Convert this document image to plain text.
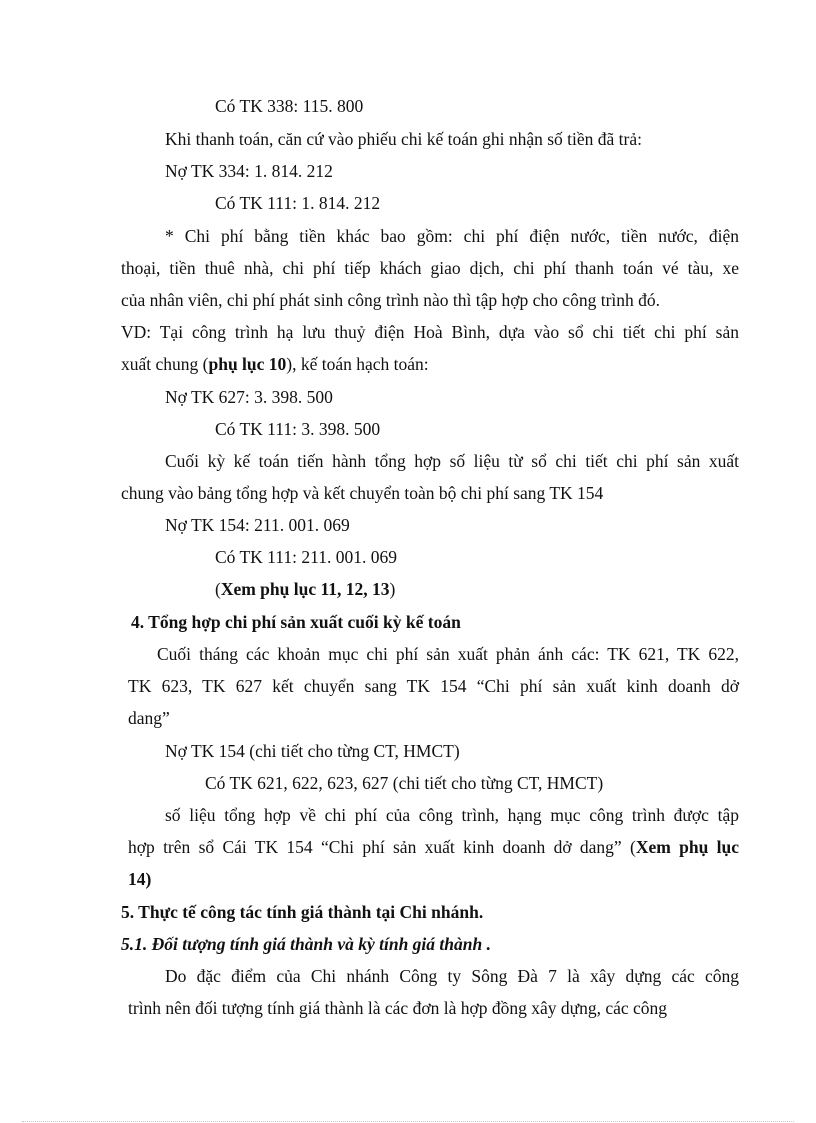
Có TK 338: 115. 800
Khi thanh toán, căn cứ vào phiếu chi kế toán ghi nhận số tiền đã trả:
Nợ TK 334: 1. 814. 212
Có TK 111: 1. 814. 212
* Chi phí bằng tiền khác bao gồm: chi phí điện nước, tiền nước, điện
thoại, tiền thuê nhà, chi phí tiếp khách giao dịch, chi phí thanh toán vé tàu, xe
của nhân viên, chi phí phát sinh công trình nào thì tập hợp cho công trình đó.
VD: Tại công trình hạ lưu thuỷ điện Hoà Bình, dựa vào sổ chi tiết chi phí sản
xuất chung (phụ lục 10), kế toán hạch toán:
Nợ TK 627: 3. 398. 500
Có TK 111: 3. 398. 500
Cuối kỳ kế toán tiến hành tổng hợp số liệu từ sổ chi tiết chi phí sản xuất
chung vào bảng tổng hợp và kết chuyển toàn bộ chi phí sang TK 154
Nợ TK 154: 211. 001. 069
Có TK 111: 211. 001. 069
(Xem phụ lục 11, 12, 13)
4. Tổng hợp chi phí sản xuất cuối kỳ kế toán
Cuối tháng các khoản mục chi phí sản xuất phản ánh các: TK 621, TK 622,
TK 623, TK 627 kết chuyển sang TK 154 “Chi phí sản xuất kinh doanh dở
dang”
Nợ TK 154 (chi tiết cho từng CT, HMCT)
Có TK 621, 622, 623, 627 (chi tiết cho từng CT, HMCT)
số liệu tổng hợp về chi phí của công trình, hạng mục công trình được tập
hợp trên sổ Cái TK 154 “Chi phí sản xuất kinh doanh dở dang” (Xem phụ lục
14)
5. Thực tế công tác tính giá thành tại Chi nhánh.
5.1. Đối tượng tính giá thành và kỳ tính giá thành .
Do đặc điểm của Chi nhánh Công ty Sông Đà 7 là xây dựng các công
trình nên đối tượng tính giá thành là các đơn là hợp đồng xây dựng, các công
